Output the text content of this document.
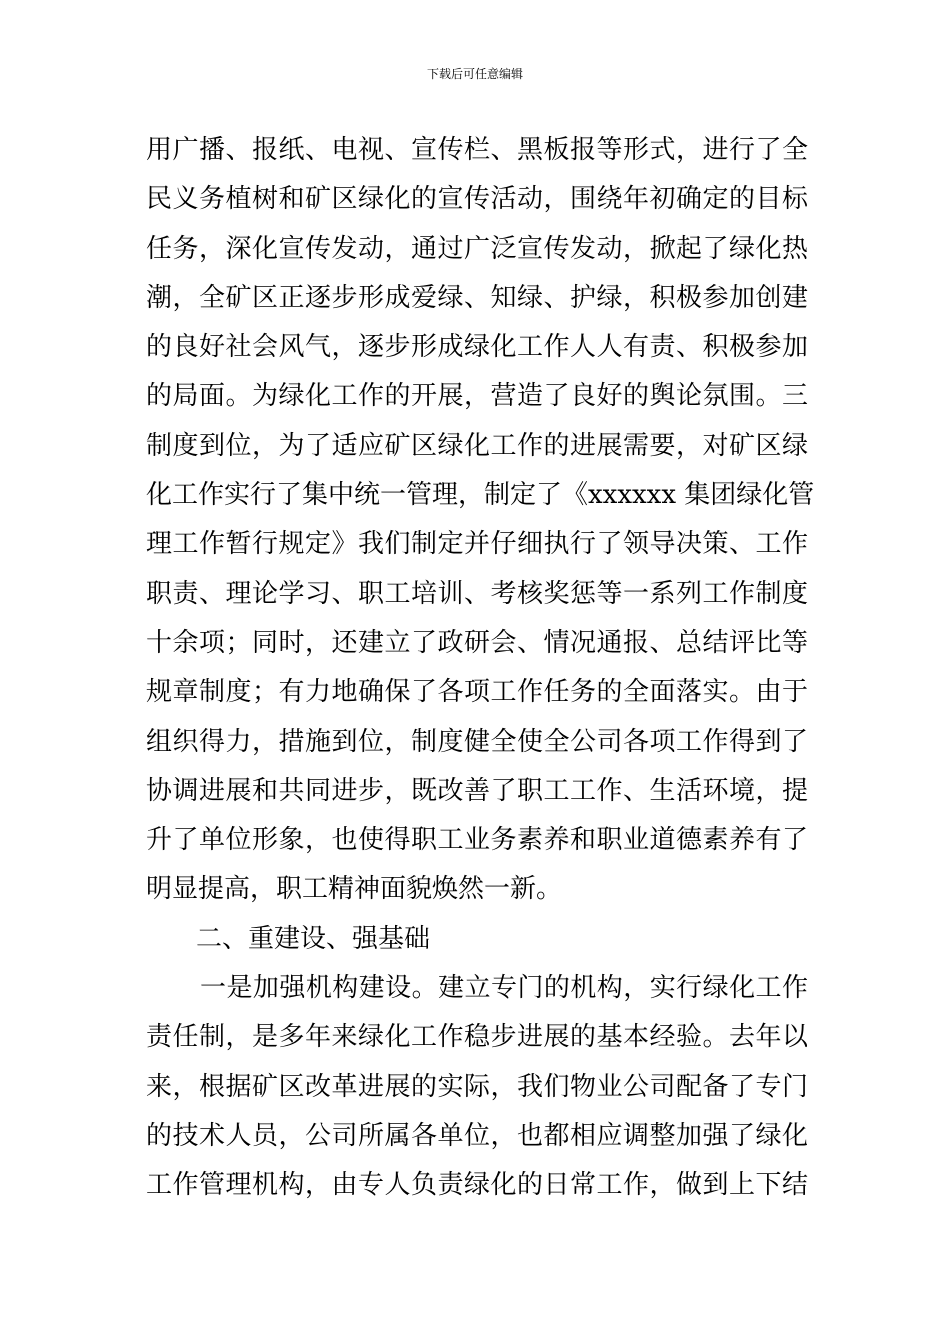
下载后可任意编辑
用广播、报纸、电视、宣传栏、黑板报等形式，进行了全
民义务植树和矿区绿化的宣传活动，围绕年初确定的目标
任务，深化宣传发动，通过广泛宣传发动，掀起了绿化热
潮，全矿区正逐步形成爱绿、知绿、护绿，积极参加创建
的良好社会风气，逐步形成绿化工作人人有责、积极参加
的局面。为绿化工作的开展，营造了良好的舆论氛围。三
制度到位，为了适应矿区绿化工作的进展需要，对矿区绿
化工作实行了集中统一管理，制定了《xxxxxx 集团绿化管
理工作暂行规定》我们制定并仔细执行了领导决策、工作
职责、理论学习、职工培训、考核奖惩等一系列工作制度
十余项；同时，还建立了政研会、情况通报、总结评比等
规章制度；有力地确保了各项工作任务的全面落实。由于
组织得力，措施到位，制度健全使全公司各项工作得到了
协调进展和共同进步，既改善了职工工作、生活环境，提
升了单位形象，也使得职工业务素养和职业道德素养有了
明显提高，职工精神面貌焕然一新。
二、重建设、强基础
一是加强机构建设。建立专门的机构，实行绿化工作
责任制，是多年来绿化工作稳步进展的基本经验。去年以
来，根据矿区改革进展的实际，我们物业公司配备了专门
的技术人员，公司所属各单位，也都相应调整加强了绿化
工作管理机构，由专人负责绿化的日常工作，做到上下结
